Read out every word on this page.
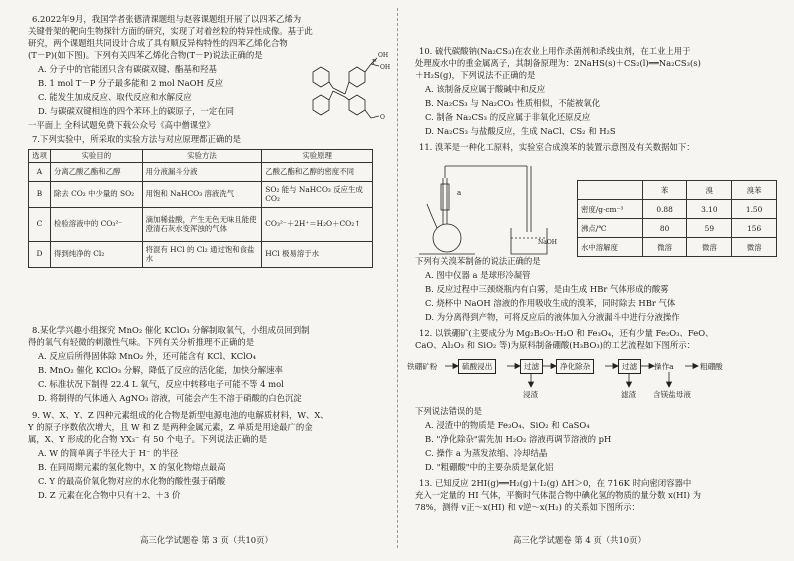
6.2022年9月，我国学者张德清课题组与赵蓉课题组开展了以四苯乙烯为
关键骨架的靶向生物探针方面的研究，实现了对着丝粒的特异性成像。基于此
研究，两个课题组共同设计合成了具有顺反异构特性的四苯乙烯化合物
(T－P)(如下图)。下列有关四苯乙烯化合物(T－P)说法正确的是
A. 分子中的官能团只含有碳碳双键、酯基和羟基
B. 1 mol T－P 分子最多能和 2 mol NaOH 反应
C. 能发生加成反应、取代反应和水解反应
D. 与碳碳双键相连的四个苯环上的碳原子，一定在同
一平面上 全科试题免费下载公众号《高中僧课堂》
OH
OH
P
O
7.下列实验中，所采取的实验方法与对应原理都正确的是
选项	实验目的	实验方法	实验原理
A	分离乙酸乙酯和乙醇	用分液漏斗分液	乙酸乙酯和乙醇的密度不同
B	除去 CO₂ 中少量的 SO₂	用饱和 NaHCO₃ 溶液洗气	SO₂ 能与 NaHCO₃ 反应生成 CO₂
C	检验溶液中的 CO₃²⁻	滴加稀盐酸，产生无色无味且能使澄清石灰水变浑浊的气体	CO₃²⁻＋2H⁺＝H₂O＋CO₂↑
D	得到纯净的 Cl₂	将混有 HCl 的 Cl₂ 通过饱和食盐水	HCl 极易溶于水
8.某化学兴趣小组探究 MnO₂ 催化 KClO₃ 分解制取氧气，小组成员回到制
得的氧气有轻微的刺激性气味。下列有关分析推理不正确的是
A. 反应后所得固体除 MnO₂ 外，还可能含有 KCl、KClO₄
B. MnO₂ 催化 KClO₃ 分解，降低了反应的活化能，加快分解速率
C. 标准状况下制得 22.4 L 氧气，反应中转移电子可能不等 4 mol
D. 将制得的气体通入 AgNO₃ 溶液，可能会产生不溶于硝酸的白色沉淀
9. W、X、Y、Z 四种元素组成的化合物是新型电源电池的电解质材料，W、X、
Y 的原子序数依次增大，且 W 和 Z 是两种金属元素，Z 单质是用途最广的金
属，X、Y 形成的化合物 YX₃⁻ 有 50 个电子。下列说法正确的是
A. W 的简单离子半径大于 H⁻ 的半径
B. 在同周期元素的氢化物中，X 的氢化物熔点最高
C. Y 的最高价氧化物对应的水化物的酸性强于硝酸
D. Z 元素在化合物中只有＋2、＋3 价
高三化学试题卷 第 3 页（共10页）
10. 硫代碳酸钠(Na₂CS₃)在农业上用作杀菌剂和杀线虫剂，在工业上用于
处理废水中的重金属离子，其制备原理为：2NaHS(s)＋CS₂(l)══Na₂CS₃(s)
＋H₂S(g)，下列说法不正确的是
A. 该制备反应属于酸碱中和反应
B. Na₂CS₃ 与 Na₂CO₃ 性质相似，不能被氧化
C. 制备 Na₂CS₃ 的反应属于非氧化还原反应
D. Na₂CS₃ 与盐酸反应，生成 NaCl、CS₂ 和 H₂S
11. 溴苯是一种化工原料，实验室合成溴苯的装置示意图及有关数据如下：
a
NaOH
	苯	溴	溴苯
密度/g·cm⁻³	0.88	3.10	1.50
沸点/℃	80	59	156
水中溶解度	微溶	微溶	微溶
下列有关溴苯制备的说法正确的是
A. 图中仪器 a 是球形冷凝管
B. 反应过程中三颈烧瓶内有白雾，是由生成 HBr 气体形成的酸雾
C. 烧杯中 NaOH 溶液的作用吸收生成的溴苯，同时除去 HBr 气体
D. 为分离得到产物，可将反应后的液体加入分液漏斗中进行分液操作
12. 以铁硼矿(主要成分为 Mg₂B₂O₅·H₂O 和 Fe₃O₄，还有少量 Fe₂O₃、FeO、
CaO、Al₂O₃ 和 SiO₂ 等)为原料制备硼酸(H₃BO₃)的工艺流程如下图所示：
铁硼矿粉	硫酸浸出	过滤	净化除杂	过滤	操作a	粗硼酸
浸渣	滤渣 含镁盐母液
下列说法错误的是
A. 浸渣中的物质是 Fe₃O₄、SiO₂ 和 CaSO₄
B. "净化除杂"需先加 H₂O₂ 溶液再调节溶液的 pH
C. 操作 a 为蒸发浓缩、冷却结晶
D. "粗硼酸"中的主要杂质是氯化铝
13. 已知反应 2HI(g)══H₂(g)＋I₂(g) ΔH＞0，在 716K 时向密闭容器中
充入一定量的 HI 气体，平衡时气体混合物中碘化氢的物质的量分数 x(HI) 为
78%，测得 v正～x(HI) 和 v逆～x(H₂) 的关系如下图所示：
高三化学试题卷 第 4 页（共10页）
